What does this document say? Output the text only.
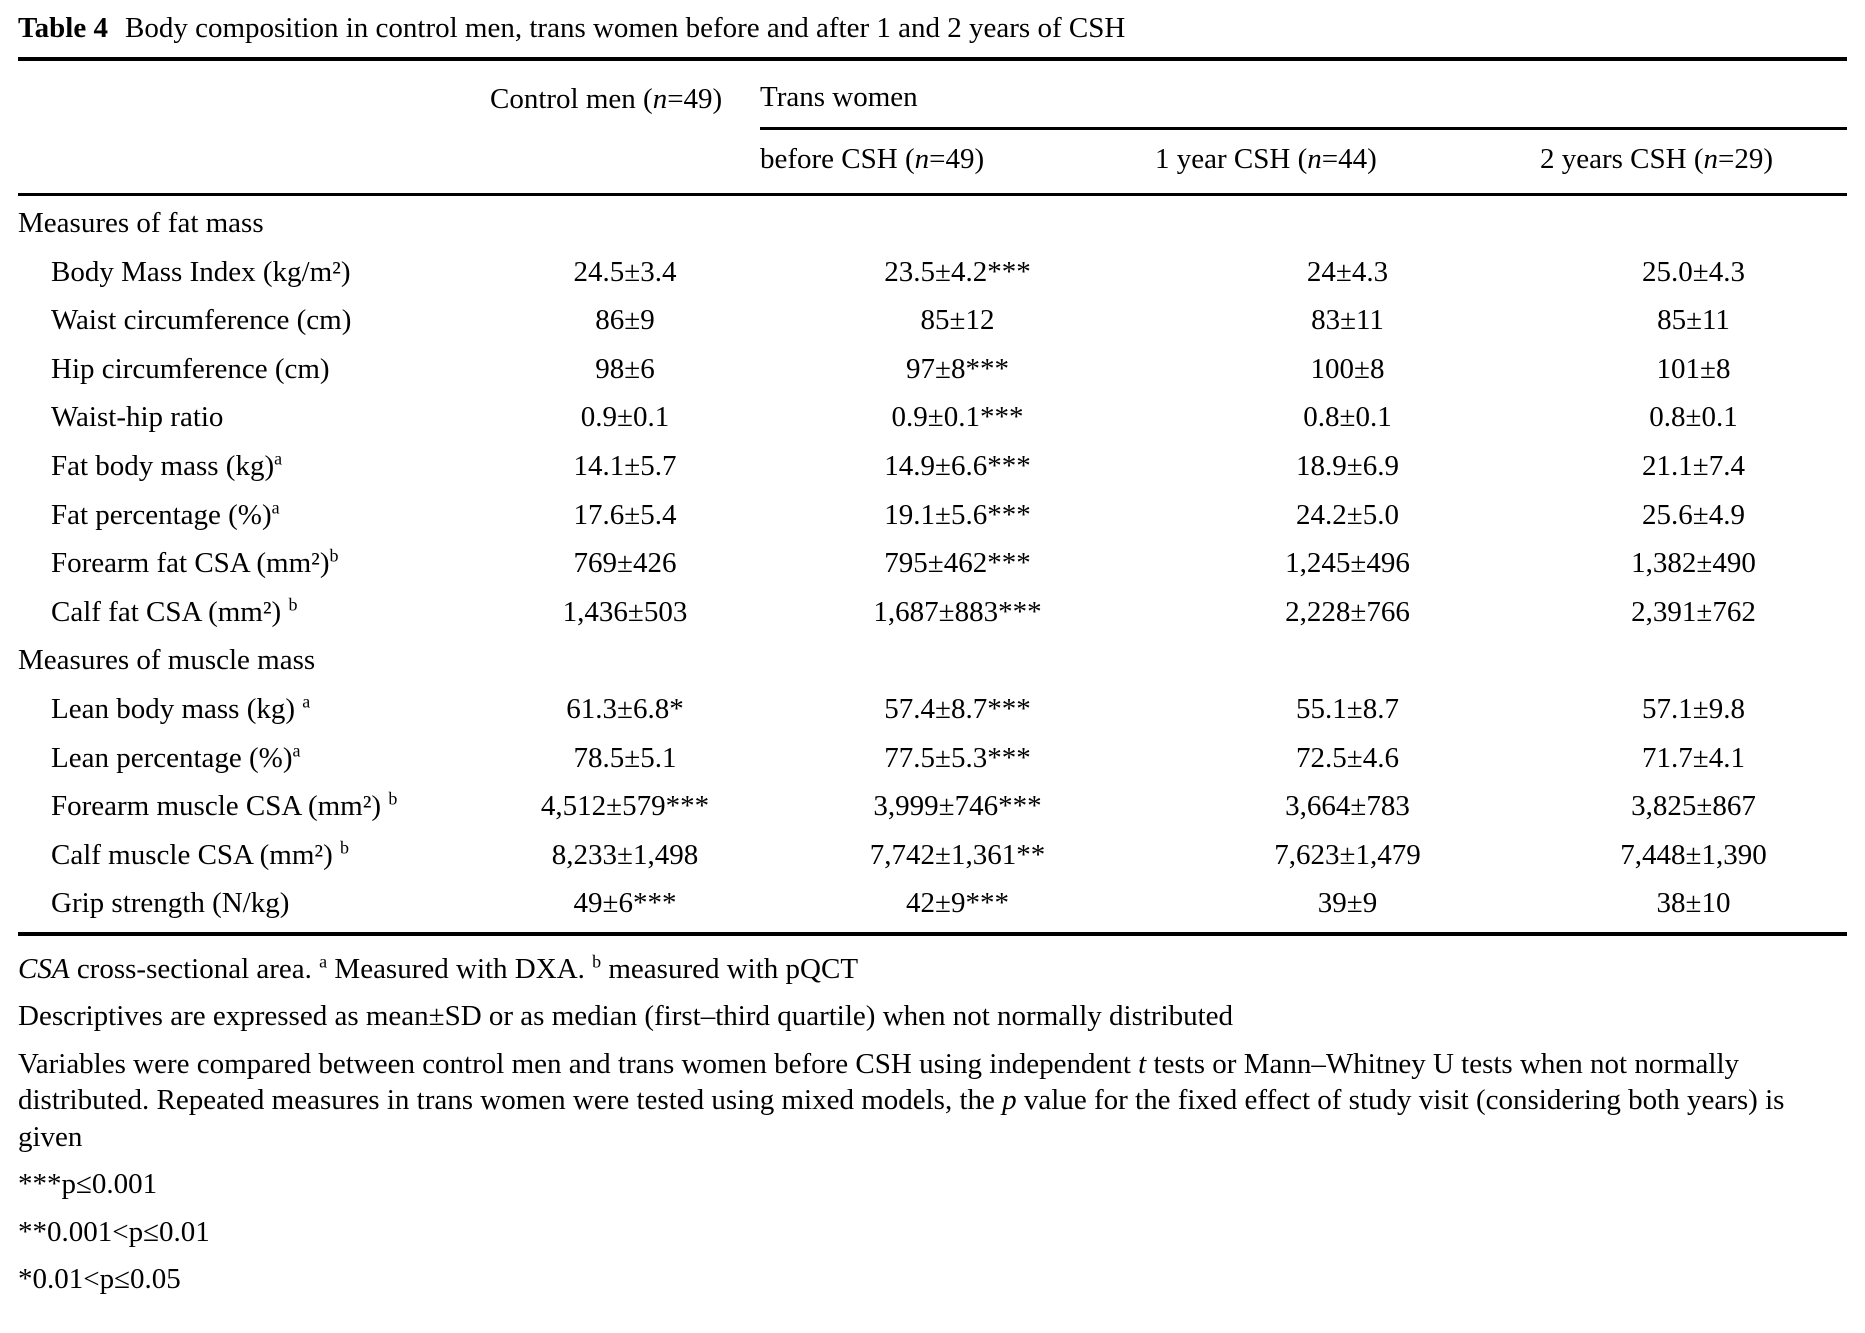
Table 4 Body composition in control men, trans women before and after 1 and 2 years of CSH
	Control men (n=49)	Trans women		
		before CSH (n=49)	1 year CSH (n=44)	2 years CSH (n=29)
Measures of fat mass				
Body Mass Index (kg/m²)	24.5±3.4	23.5±4.2***	24±4.3	25.0±4.3
Waist circumference (cm)	86±9	85±12	83±11	85±11
Hip circumference (cm)	98±6	97±8***	100±8	101±8
Waist-hip ratio	0.9±0.1	0.9±0.1***	0.8±0.1	0.8±0.1
Fat body mass (kg)$^a$	14.1±5.7	14.9±6.6***	18.9±6.9	21.1±7.4
Fat percentage (%)$^a$	17.6±5.4	19.1±5.6***	24.2±5.0	25.6±4.9
Forearm fat CSA $(mm^2)^b$	769±426	795±462***	1,245±496	1,382±490
Calf fat CSA (mm²) $^b$	1,436±503	1,687±883***	2,228±766	2,391±762
Measures of muscle mass				
Lean body mass (kg) $^a$	61.3±6.8*	57.4±8.7***	55.1±8.7	57.1±9.8
Lean percentage (%)$^a$	78.5±5.1	77.5±5.3***	72.5±4.6	71.7±4.1
Forearm muscle CSA (mm²) $^b$	4,512±579***	3,999±746***	3,664±783	3,825±867
Calf muscle CSA (mm²) $^b$	8,233±1,498	7,742±1,361**	7,623±1,479	7,448±1,390
Grip strength (N/kg)	49±6***	42±9***	39±9	38±10

CSA cross-sectional area. $^a$ Measured with DXA. $^b$ measured with pQCT

Descriptives are expressed as mean±SD or as median (first–third quartile) when not normally distributed

Variables were compared between control men and trans women before CSH using independent t tests or Mann–Whitney U tests when not normally distributed. Repeated measures in trans women were tested using mixed models, the p value for the fixed effect of study visit (considering both years) is given

***p≤0.001

**0.001<p≤0.01

*0.01<p≤0.05
